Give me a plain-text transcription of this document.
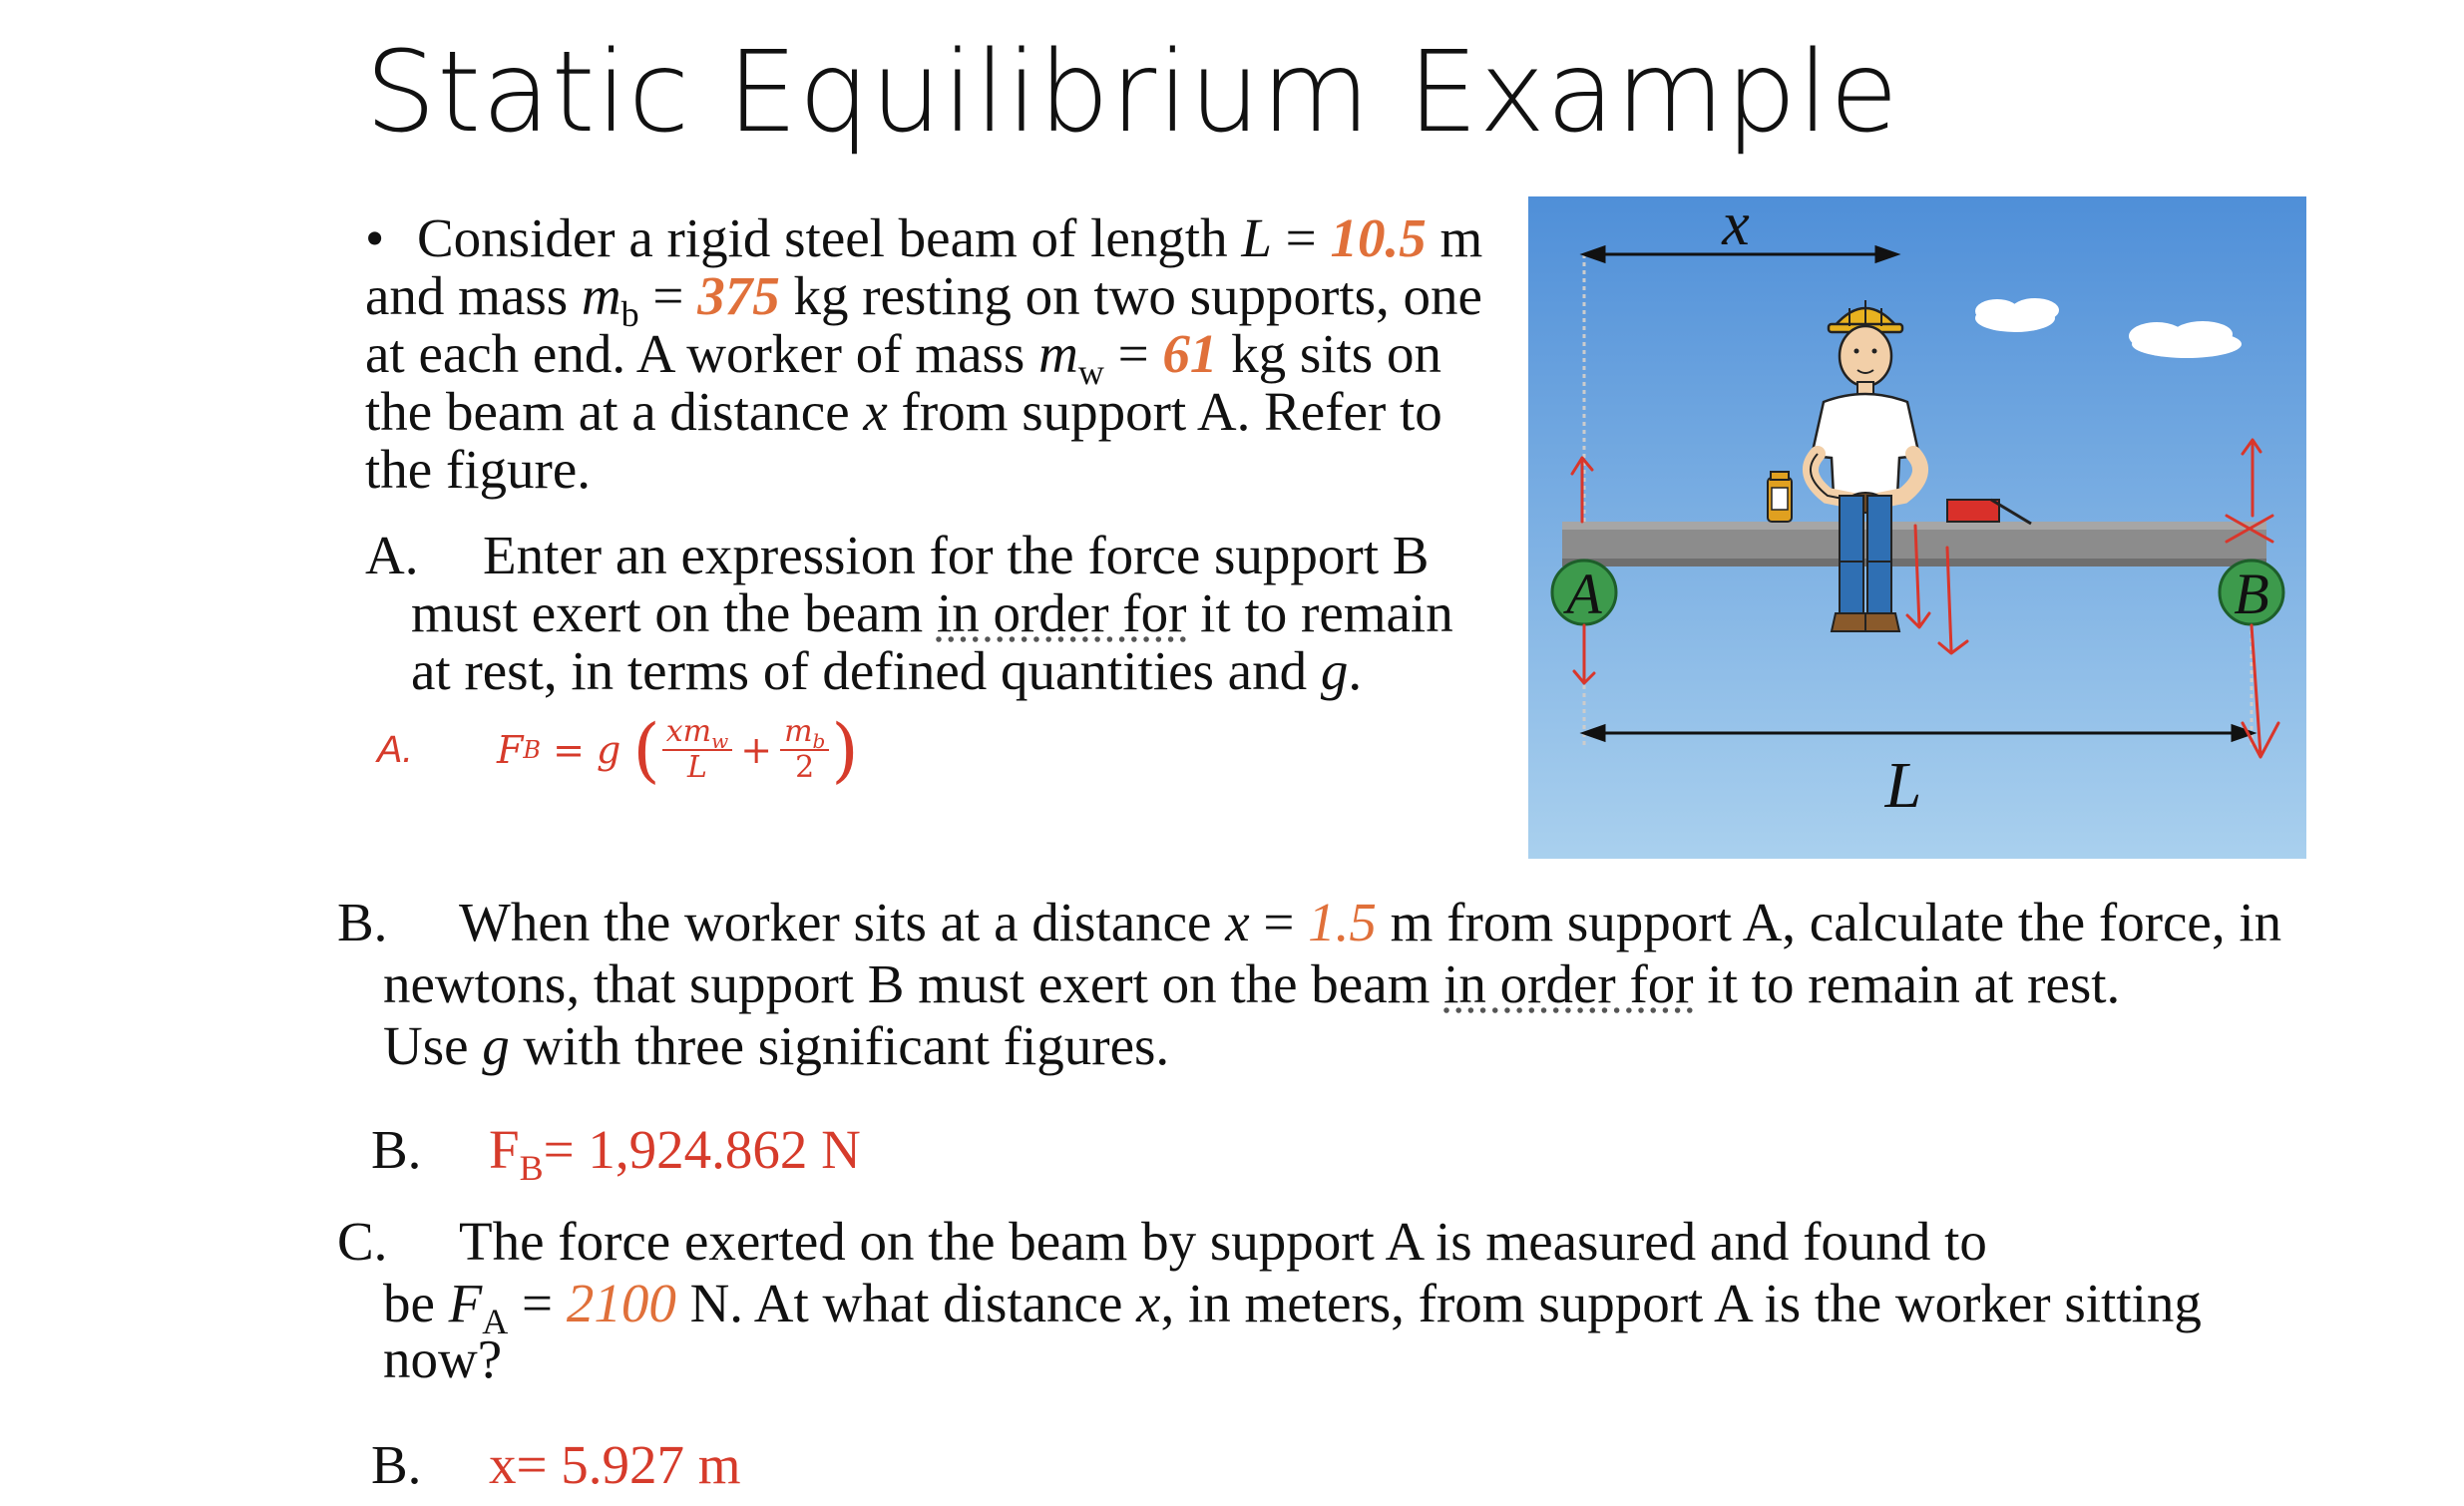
Static Equilibrium Example
• Consider a rigid steel beam of length L = 10.5 m
and mass $m_b = 375$ kg resting on two supports, one
at each end. A worker of mass $m_w = 61$ kg sits on
the beam at a distance x from support A. Refer to
the figure.
A. Enter an expression for the force support B
must exert on the beam in order for it to remain
at rest, in terms of defined quantities and g.
A.	F B = g ( $\frac{xm_w}{L} + \frac{m_b}{2}$ )
x
A	B
L
B. When the worker sits at a distance x = 1.5 m from support A, calculate the force, in
newtons, that support B must exert on the beam in order for it to remain at rest.
Use g with three significant figures.
B. $F_B= 1,924.862$ N
C. The force exerted on the beam by support A is measured and found to
be $F_A = 2100$ N. At what distance x, in meters, from support A is the worker sitting
now?
B. x= 5.927 m
